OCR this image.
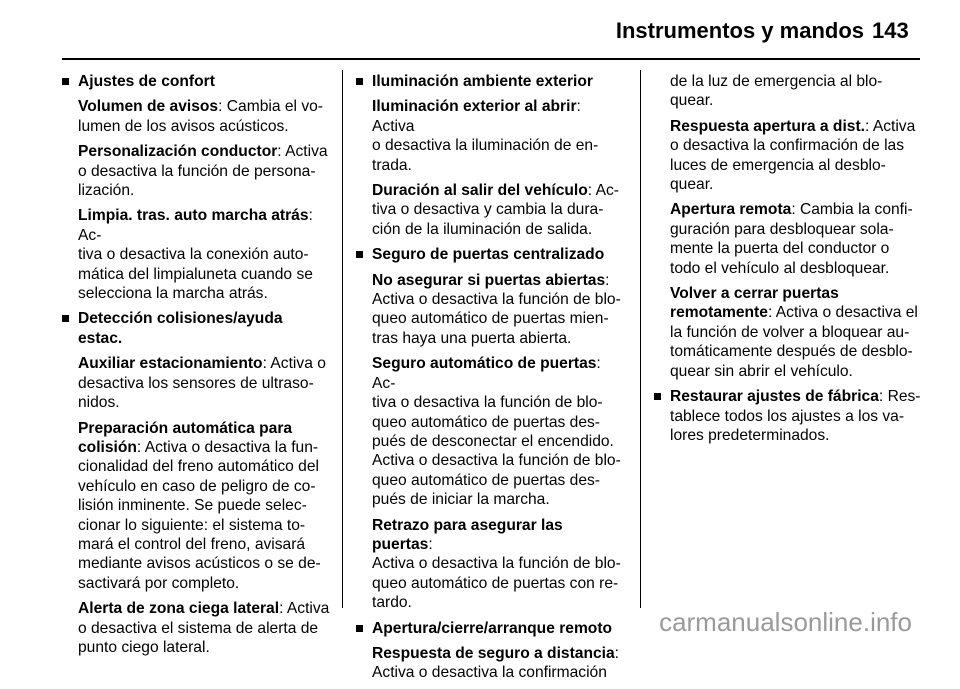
Instrumentos y mandos 143
Ajustes de confort
Volumen de avisos: Cambia el vo-
lumen de los avisos acústicos.
Personalización conductor: Activa
o desactiva la función de persona-
lización.
Limpia. tras. auto marcha atrás: Ac-
tiva o desactiva la conexión auto-
mática del limpialuneta cuando se
selecciona la marcha atrás.
Detección colisiones/ayuda estac.
Auxiliar estacionamiento: Activa o
desactiva los sensores de ultraso-
nidos.
Preparación automática para
colisión: Activa o desactiva la fun-
cionalidad del freno automático del
vehículo en caso de peligro de co-
lisión inminente. Se puede selec-
cionar lo siguiente: el sistema to-
mará el control del freno, avisará
mediante avisos acústicos o se de-
sactivará por completo.
Alerta de zona ciega lateral: Activa
o desactiva el sistema de alerta de
punto ciego lateral.
Iluminación ambiente exterior
Iluminación exterior al abrir: Activa
o desactiva la iluminación de en-
trada.
Duración al salir del vehículo: Ac-
tiva o desactiva y cambia la dura-
ción de la iluminación de salida.
Seguro de puertas centralizado
No asegurar si puertas abiertas:
Activa o desactiva la función de blo-
queo automático de puertas mien-
tras haya una puerta abierta.
Seguro automático de puertas: Ac-
tiva o desactiva la función de blo-
queo automático de puertas des-
pués de desconectar el encendido.
Activa o desactiva la función de blo-
queo automático de puertas des-
pués de iniciar la marcha.
Retrazo para asegurar las puertas:
Activa o desactiva la función de blo-
queo automático de puertas con re-
tardo.
Apertura/cierre/arranque remoto
Respuesta de seguro a distancia:
Activa o desactiva la confirmación
de la luz de emergencia al blo-
quear.
Respuesta apertura a dist.: Activa
o desactiva la confirmación de las
luces de emergencia al desblo-
quear.
Apertura remota: Cambia la confi-
guración para desbloquear sola-
mente la puerta del conductor o
todo el vehículo al desbloquear.
Volver a cerrar puertas
remotamente: Activa o desactiva el
la función de volver a bloquear au-
tomáticamente después de desblo-
quear sin abrir el vehículo.
Restaurar ajustes de fábrica: Res-
tablece todos los ajustes a los va-
lores predeterminados.
carmanualsonline.info
